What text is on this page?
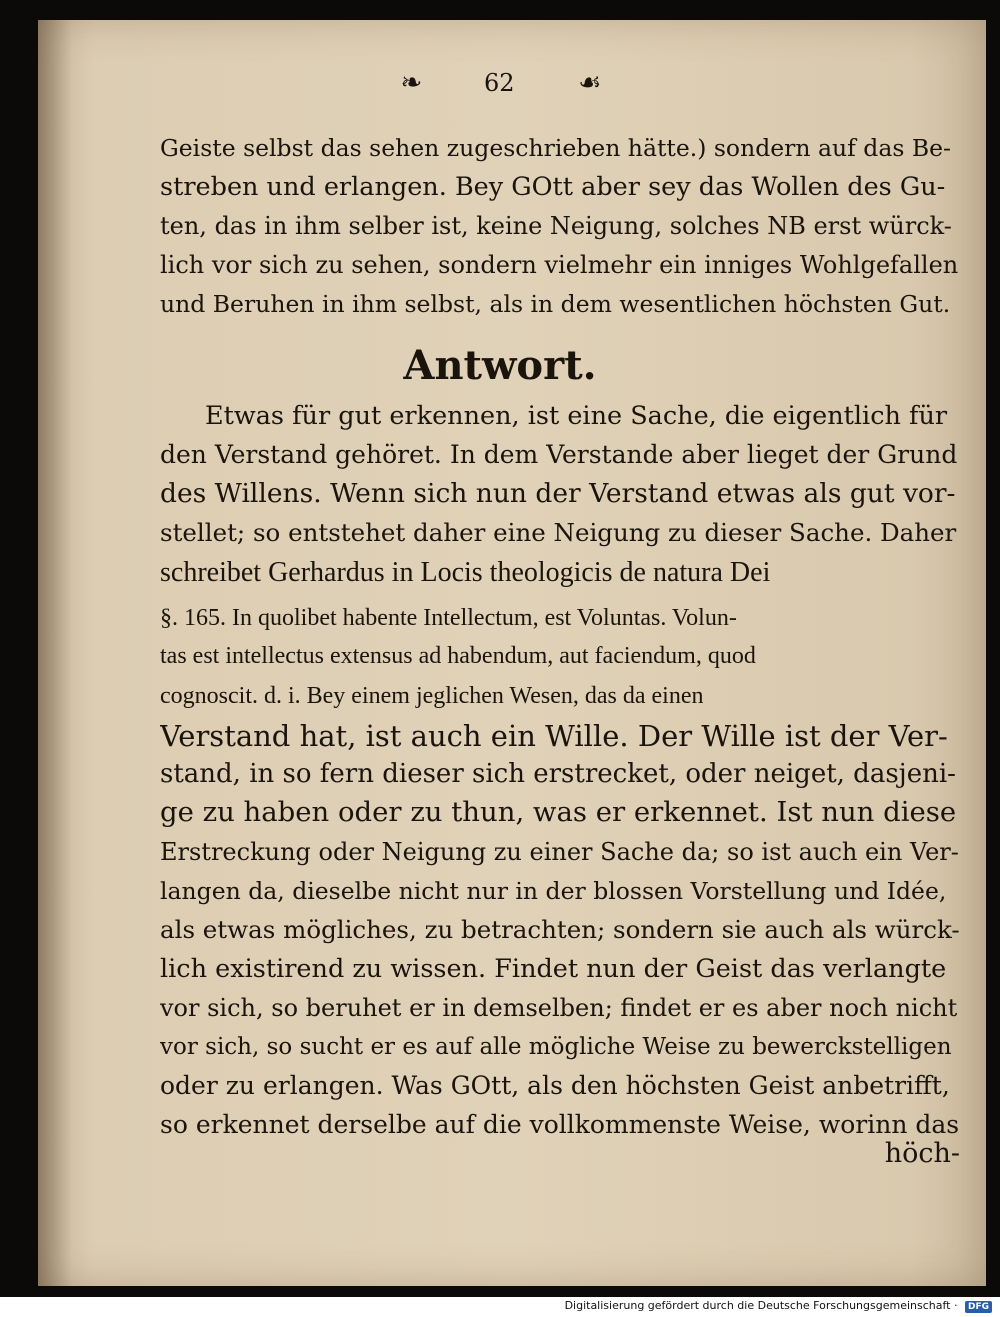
❧	62 ☙
Geiste selbst das sehen zugeschrieben hätte.) sondern auf das Be-
streben und erlangen. Bey GOtt aber sey das Wollen des Gu-
ten, das in ihm selber ist, keine Neigung, solches NB erst würck-
lich vor sich zu sehen, sondern vielmehr ein inniges Wohlgefallen
und Beruhen in ihm selbst, als in dem wesentlichen höchsten Gut.
Antwort.
Etwas für gut erkennen, ist eine Sache, die eigentlich für
den Verstand gehöret. In dem Verstande aber lieget der Grund
des Willens. Wenn sich nun der Verstand etwas als gut vor-
stellet; so entstehet daher eine Neigung zu dieser Sache. Daher
schreibet Gerhardus in Locis theologicis de natura Dei
§. 165. In quolibet habente Intellectum, est Voluntas. Volun-
tas est intellectus extensus ad habendum, aut faciendum, quod
cognoscit. d. i. Bey einem jeglichen Wesen, das da einen
Verstand hat, ist auch ein Wille. Der Wille ist der Ver-
stand, in so fern dieser sich erstrecket, oder neiget, dasjeni-
ge zu haben oder zu thun, was er erkennet. Ist nun diese
Erstreckung oder Neigung zu einer Sache da; so ist auch ein Ver-
langen da, dieselbe nicht nur in der blossen Vorstellung und Idée,
als etwas mögliches, zu betrachten; sondern sie auch als würck-
lich existirend zu wissen. Findet nun der Geist das verlangte
vor sich, so beruhet er in demselben; findet er es aber noch nicht
vor sich, so sucht er es auf alle mögliche Weise zu bewerckstelligen
oder zu erlangen. Was GOtt, als den höchsten Geist anbetrifft,
so erkennet derselbe auf die vollkommenste Weise, worinn das
höch-
Digitalisierung gefördert durch die Deutsche Forschungsgemeinschaft · DFG
